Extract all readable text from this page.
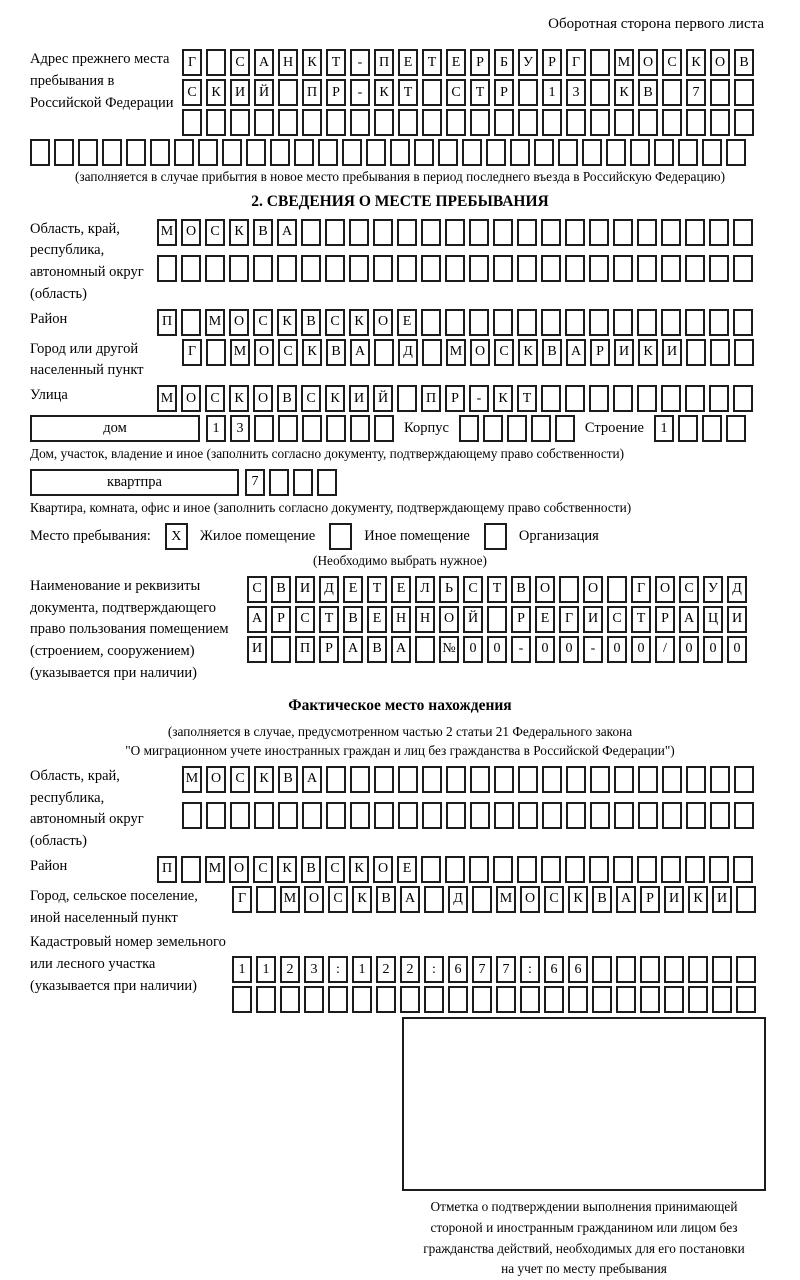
Оборотная сторона первого листа
Адрес прежнего места пребывания в Российской Федерации
Г	С	А Н	К	Т	-	П	Е	Т	Е	Р	Б	У	Р	Г	М О	С	К	О	В
С	К	И Й	П	Р	-	К	Т	С	Т	Р	1	3	К	В	7
(заполняется в случае прибытия в новое место пребывания в период последнего въезда в Российскую Федерацию)
2. СВЕДЕНИЯ О МЕСТЕ ПРЕБЫВАНИЯ
Область, край, республика, автономный округ (область)
М О	С	К	В	А
Район	П	М О	С	К	В	С	К	О	Е
Город или другой населенный пункт
Г	М О	С	К	В	А	Д	М О	С	К	В	А	Р	И	К	И
Улица	М О	С	К	О	В	С	К	И Й	П	Р	-	К	Т
дом	1	3	Корпус	Строение	1
Дом, участок, владение и иное (заполнить согласно документу, подтверждающему право собственности)
квартпра	7
Квартира, комната, офис и иное (заполнить согласно документу, подтверждающему право собственности)
Место пребывания:	X	Жилое помещение	Иное помещение	Организация
(Необходимо выбрать нужное)
Наименование и реквизиты документа, подтверждающего право пользования помещением (строением, сооружением) (указывается при наличии)
С	В	И	Д	Е	Т	Е	Л	Ь	С	Т	В	О	О	Г	О	С	У	Д
А	Р	С	Т	В	Е	Н Н О Й	Р	Е	Г	И	С	Т	Р	А Ц И
И	П	Р	А	В	А	№ 0	0	-	0	0	-	0	0	/	0	0	0
Фактическое место нахождения
(заполняется в случае, предусмотренном частью 2 статьи 21 Федерального закона
"О миграционном учете иностранных граждан и лиц без гражданства в Российской Федерации")
Область, край, республика, автономный округ (область)
М О	С	К	В	А
Район	П	М О	С	К	В	С	К	О	Е
Город, сельское поселение, иной населенный пункт
Г	М О	С	К	В	А	Д	М О	С	К	В	А	Р	И	К	И
Кадастровый номер земельного или лесного участка (указывается при наличии)
1	1	2	3	:	1	2	2	:	6	7	7	:	6	6
Отметка о подтверждении выполнения принимающей
стороной и иностранным гражданином или лицом без
гражданства действий, необходимых для его постановки
на учет по месту пребывания
